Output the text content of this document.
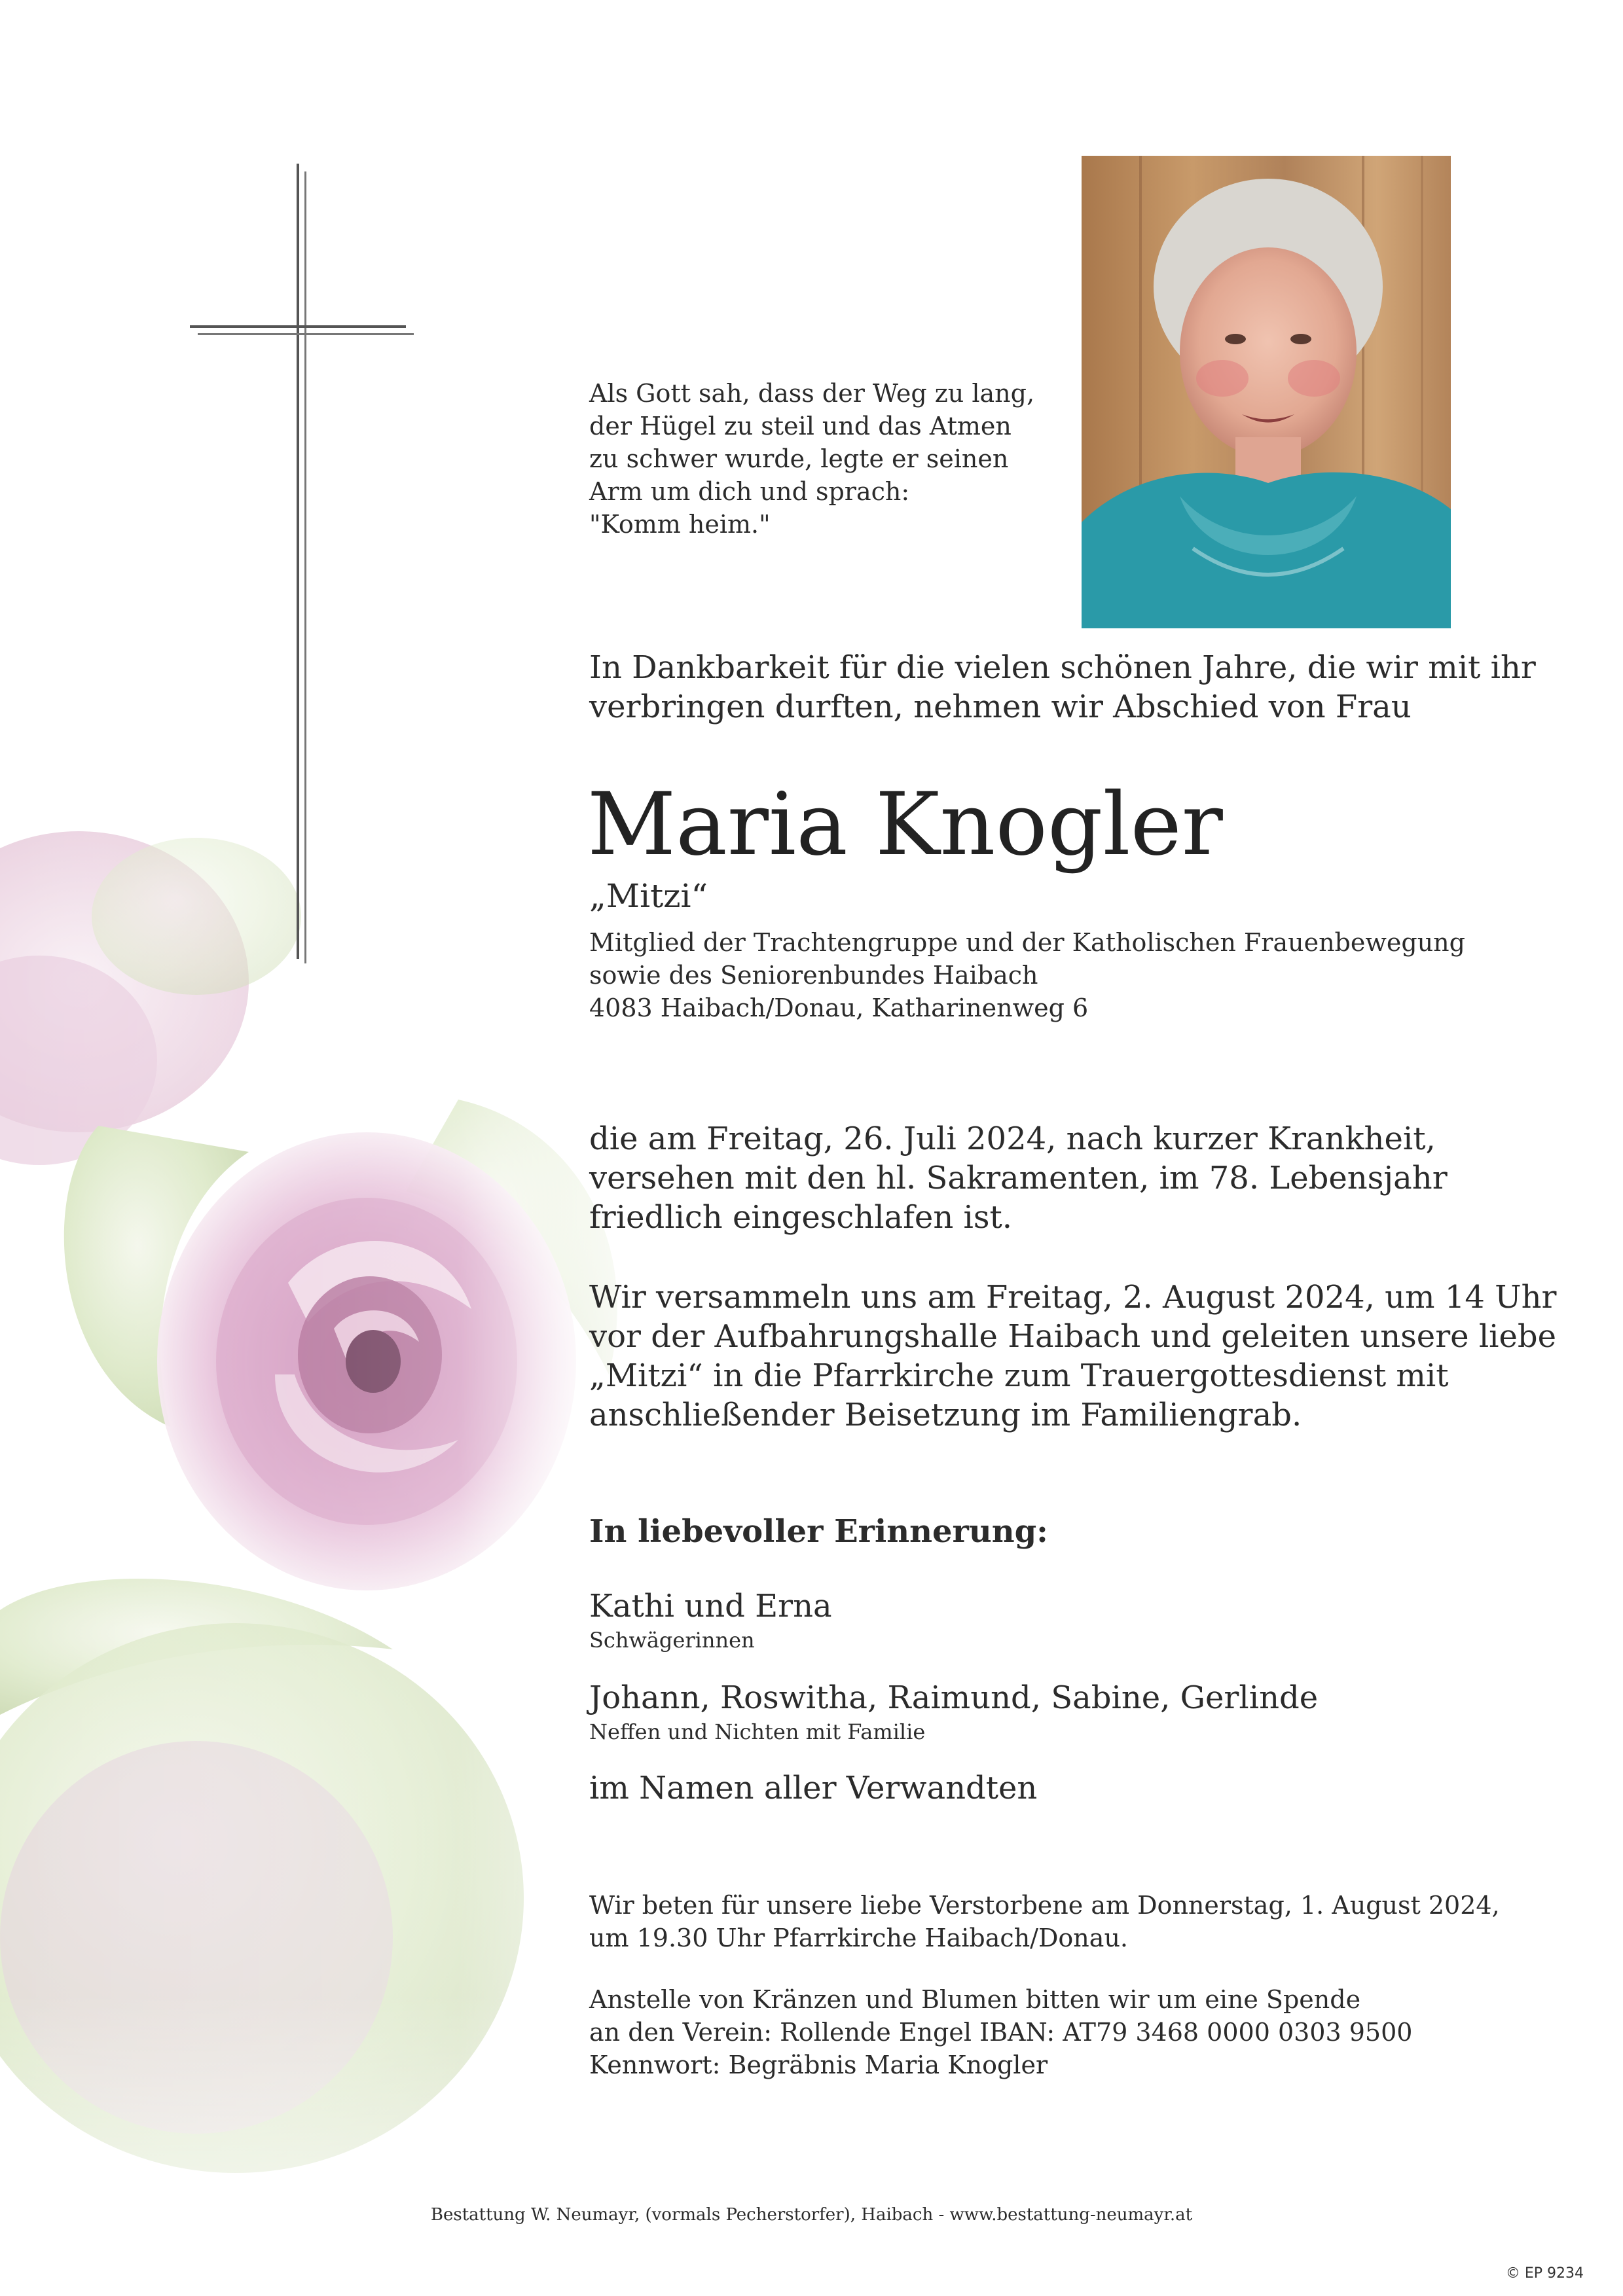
Als Gott sah, dass der Weg zu lang,
der Hügel zu steil und das Atmen
zu schwer wurde, legte er seinen
Arm um dich und sprach:
"Komm heim."
In Dankbarkeit für die vielen schönen Jahre, die wir mit ihr
verbringen durften, nehmen wir Abschied von Frau
Maria Knogler
„Mitzi“
Mitglied der Trachtengruppe und der Katholischen Frauenbewegung
sowie des Seniorenbundes Haibach
4083 Haibach/Donau, Katharinenweg 6
die am Freitag, 26. Juli 2024, nach kurzer Krankheit,
versehen mit den hl. Sakramenten, im 78. Lebensjahr
friedlich eingeschlafen ist.
Wir versammeln uns am Freitag, 2. August 2024, um 14 Uhr
vor der Aufbahrungshalle Haibach und geleiten unsere liebe
„Mitzi“ in die Pfarrkirche zum Trauergottesdienst mit
anschließender Beisetzung im Familiengrab.
In liebevoller Erinnerung:
Kathi und Erna
Schwägerinnen
Johann, Roswitha, Raimund, Sabine, Gerlinde
Neffen und Nichten mit Familie
im Namen aller Verwandten
Wir beten für unsere liebe Verstorbene am Donnerstag, 1. August 2024,
um 19.30 Uhr Pfarrkirche Haibach/Donau.
Anstelle von Kränzen und Blumen bitten wir um eine Spende
an den Verein: Rollende Engel IBAN: AT79 3468 0000 0303 9500
Kennwort: Begräbnis Maria Knogler
Bestattung W. Neumayr, (vormals Pecherstorfer), Haibach - www.bestattung-neumayr.at
© EP 9234
